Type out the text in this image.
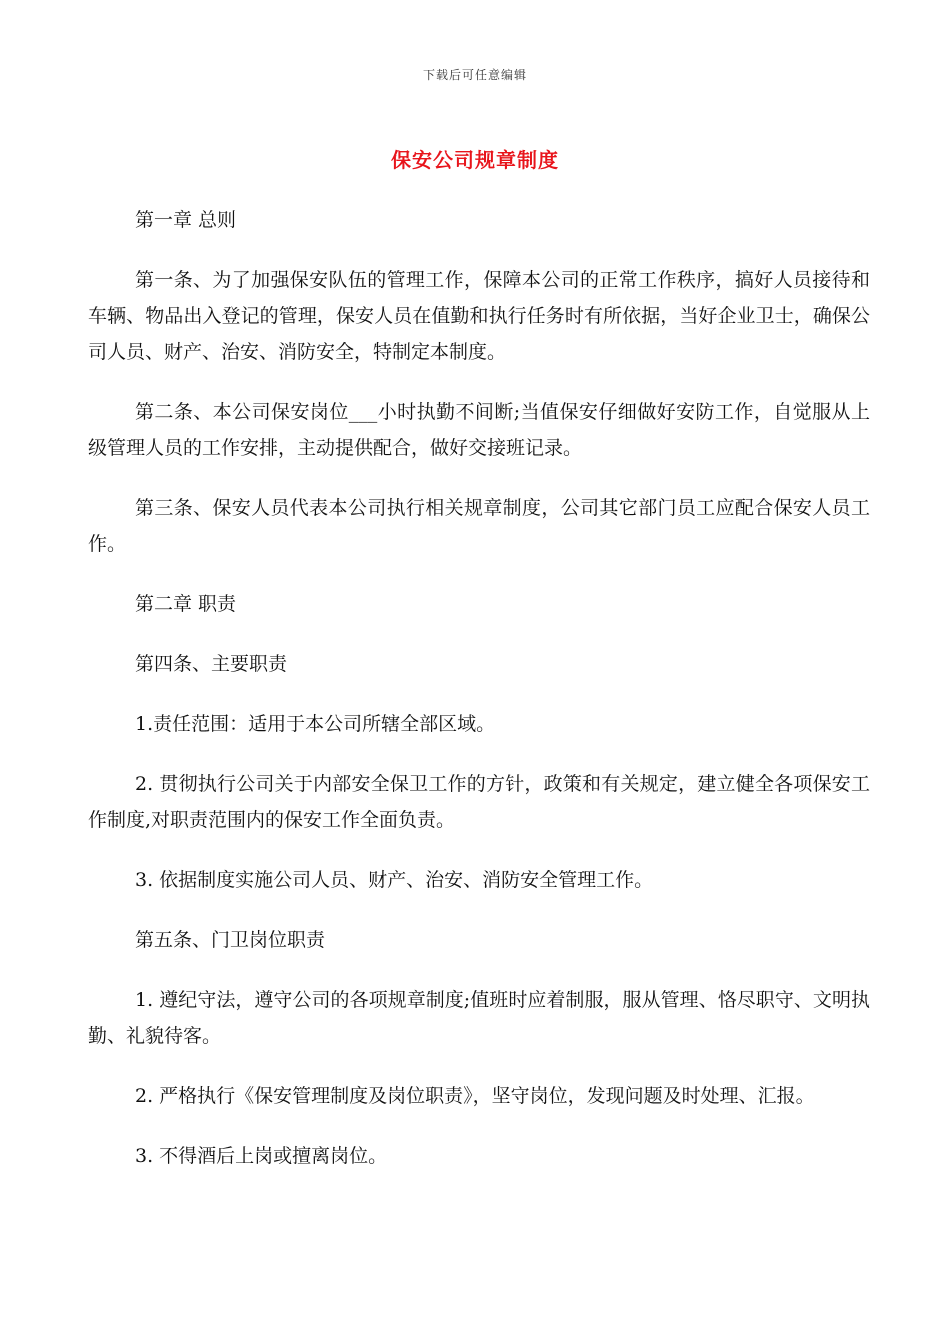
下载后可任意编辑
保安公司规章制度

第一章 总则

第一条、为了加强保安队伍的管理工作，保障本公司的正常工作秩序，搞好人员接待和车辆、物品出入登记的管理，保安人员在值勤和执行任务时有所依据，当好企业卫士，确保公司人员、财产、治安、消防安全，特制定本制度。

第二条、本公司保安岗位___小时执勤不间断;当值保安仔细做好安防工作，自觉服从上级管理人员的工作安排，主动提供配合，做好交接班记录。

第三条、保安人员代表本公司执行相关规章制度，公司其它部门员工应配合保安人员工作。

第二章 职责

第四条、主要职责

1.责任范围：适用于本公司所辖全部区域。

2. 贯彻执行公司关于内部安全保卫工作的方针，政策和有关规定，建立健全各项保安工作制度,对职责范围内的保安工作全面负责。

3. 依据制度实施公司人员、财产、治安、消防安全管理工作。

第五条、门卫岗位职责

1. 遵纪守法，遵守公司的各项规章制度;值班时应着制服，服从管理、恪尽职守、文明执勤、礼貌待客。

2. 严格执行《保安管理制度及岗位职责》，坚守岗位，发现问题及时处理、汇报。

3. 不得酒后上岗或擅离岗位。
